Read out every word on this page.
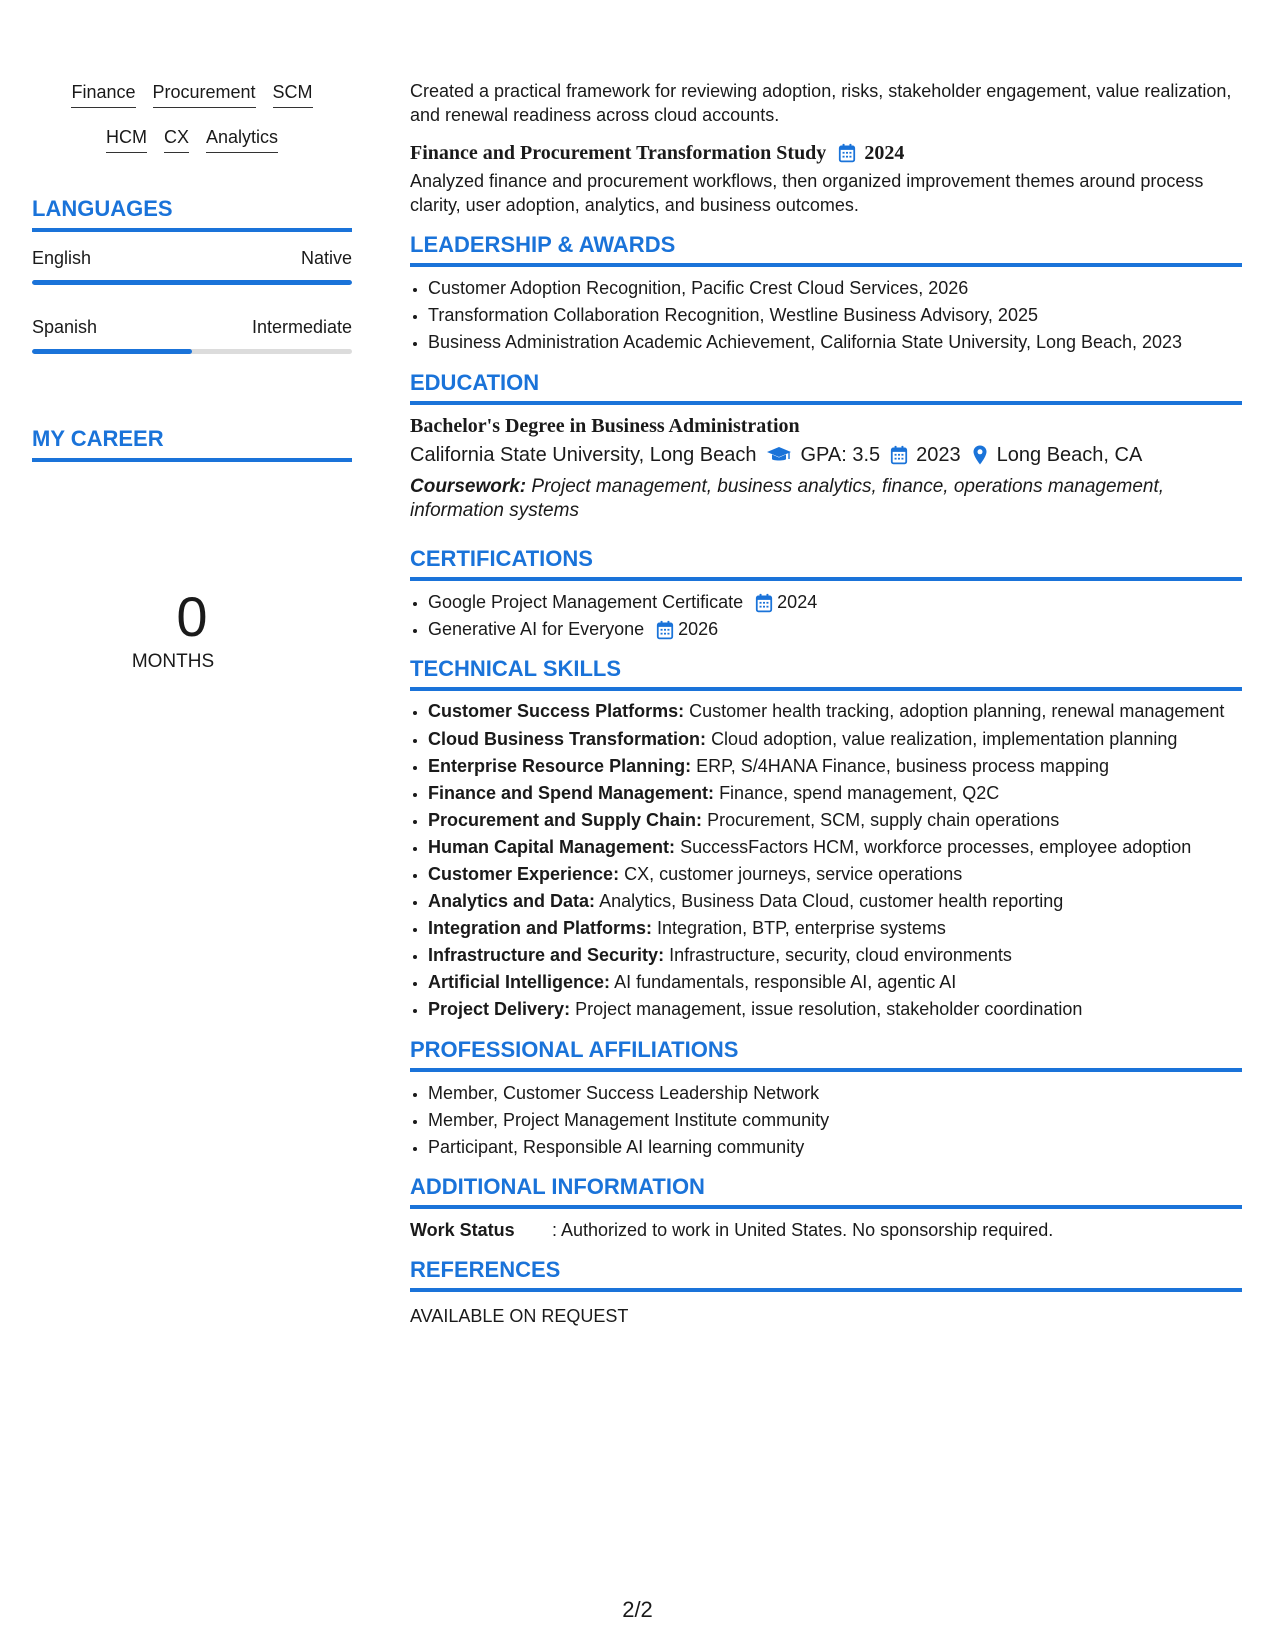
Finance Procurement SCM
HCM CX Analytics
LANGUAGES
English	Native
Spanish	Intermediate
MY CAREER
0
MONTHS

Created a practical framework for reviewing adoption, risks, stakeholder engagement, value realization, and renewal readiness across cloud accounts.

Finance and Procurement Transformation Study 2024

Analyzed finance and procurement workflows, then organized improvement themes around process clarity, user adoption, analytics, and business outcomes.

LEADERSHIP & AWARDS
• Customer Adoption Recognition, Pacific Crest Cloud Services, 2026
• Transformation Collaboration Recognition, Westline Business Advisory, 2025
• Business Administration Academic Achievement, California State University, Long Beach, 2023
EDUCATION
Bachelor's Degree in Business Administration
California State University, Long Beach GPA: 3.5 2023 Long Beach, CA

Coursework: Project management, business analytics, finance, operations management, information systems

CERTIFICATIONS
• Google Project Management Certificate 2024
• Generative AI for Everyone 2026
TECHNICAL SKILLS
• Customer Success Platforms: Customer health tracking, adoption planning, renewal management
• Cloud Business Transformation: Cloud adoption, value realization, implementation planning
• Enterprise Resource Planning: ERP, S/4HANA Finance, business process mapping
• Finance and Spend Management: Finance, spend management, Q2C
• Procurement and Supply Chain: Procurement, SCM, supply chain operations
• Human Capital Management: SuccessFactors HCM, workforce processes, employee adoption
• Customer Experience: CX, customer journeys, service operations
• Analytics and Data: Analytics, Business Data Cloud, customer health reporting
• Integration and Platforms: Integration, BTP, enterprise systems
• Infrastructure and Security: Infrastructure, security, cloud environments
• Artificial Intelligence: AI fundamentals, responsible AI, agentic AI
• Project Delivery: Project management, issue resolution, stakeholder coordination
PROFESSIONAL AFFILIATIONS
• Member, Customer Success Leadership Network
• Member, Project Management Institute community
• Participant, Responsible AI learning community
ADDITIONAL INFORMATION
Work Status	: Authorized to work in United States. No sponsorship required.
REFERENCES
AVAILABLE ON REQUEST
2/2
